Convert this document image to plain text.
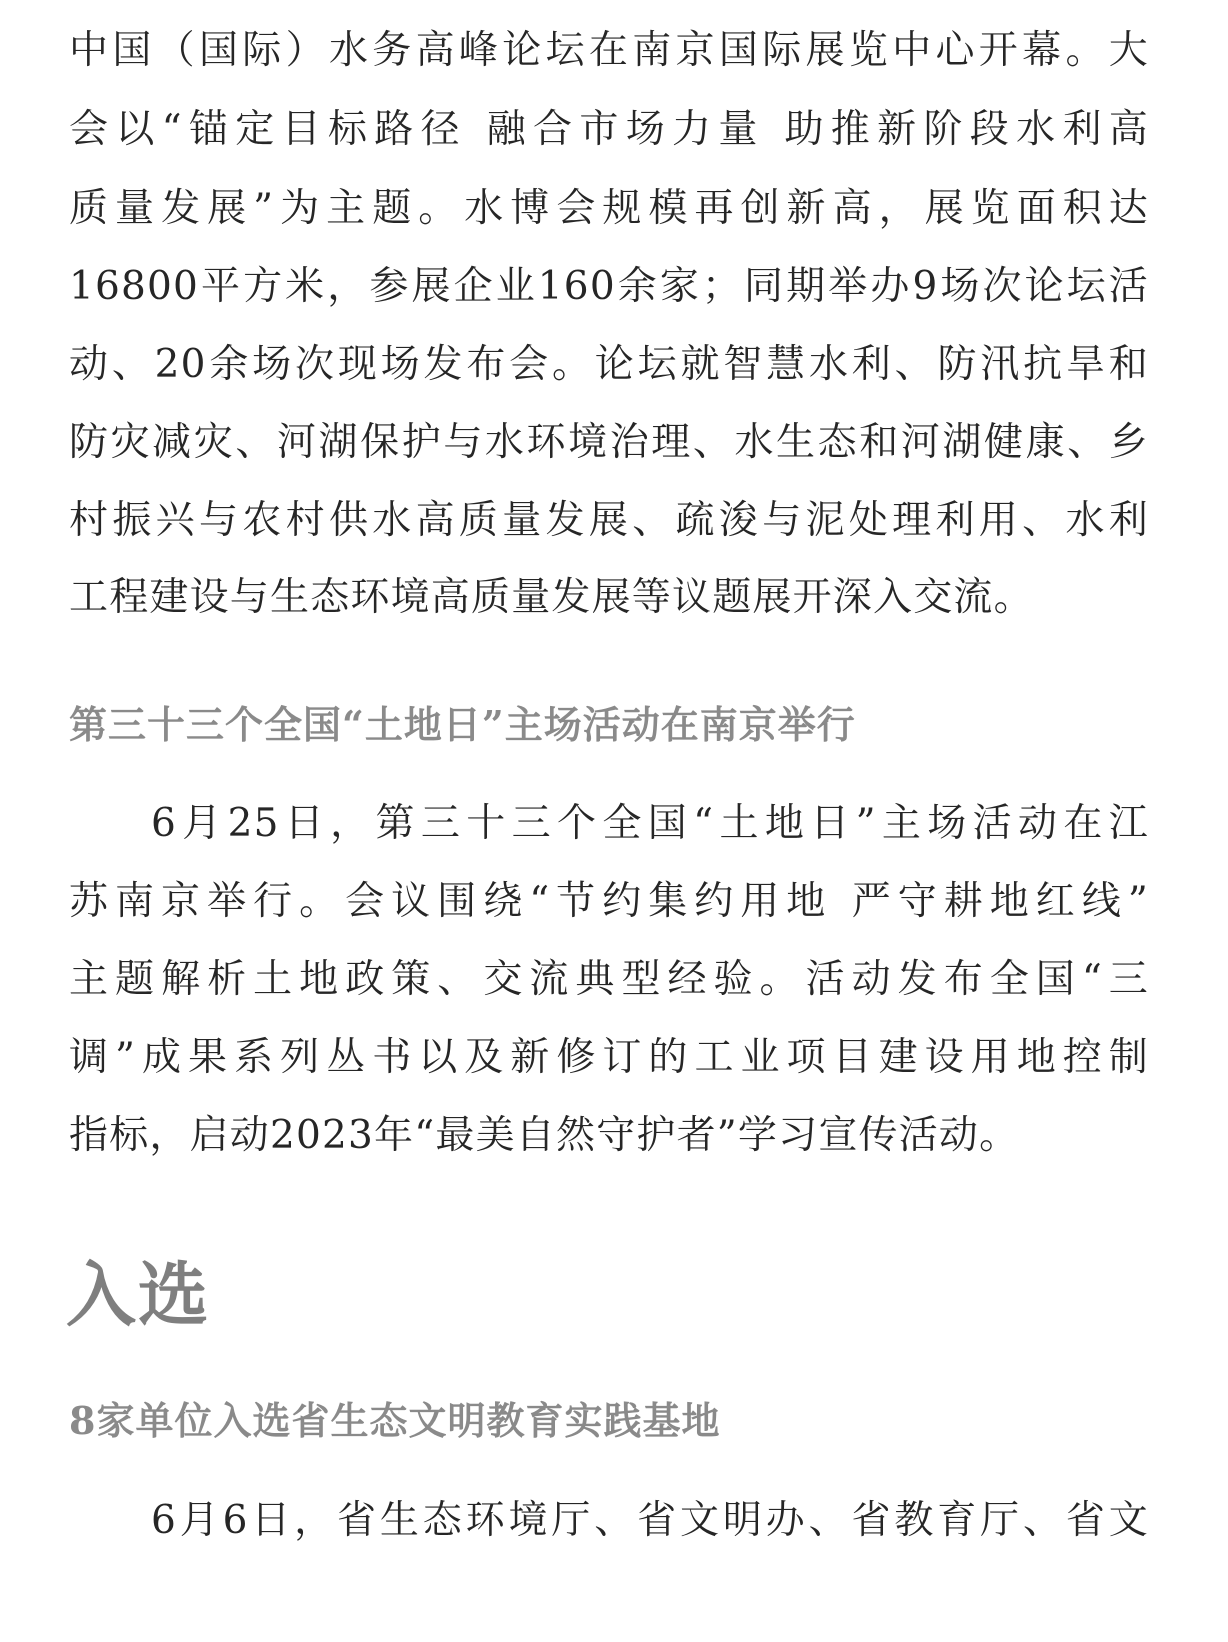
中国（国际）水务高峰论坛在南京国际展览中心开幕。大
会以“锚定目标路径 融合市场力量 助推新阶段水利高
质量发展”为主题。水博会规模再创新高，展览面积达
16800平方米，参展企业160余家；同期举办9场次论坛活
动、20余场次现场发布会。论坛就智慧水利、防汛抗旱和
防灾减灾、河湖保护与水环境治理、水生态和河湖健康、乡
村振兴与农村供水高质量发展、疏浚与泥处理利用、水利
工程建设与生态环境高质量发展等议题展开深入交流。
第三十三个全国“土地日”主场活动在南京举行
6月25日，第三十三个全国“土地日”主场活动在江
苏南京举行。会议围绕“节约集约用地 严守耕地红线”
主题解析土地政策、交流典型经验。活动发布全国“三
调”成果系列丛书以及新修订的工业项目建设用地控制
指标，启动2023年“最美自然守护者”学习宣传活动。
入选
8家单位入选省生态文明教育实践基地
6月6日，省生态环境厅、省文明办、省教育厅、省文
